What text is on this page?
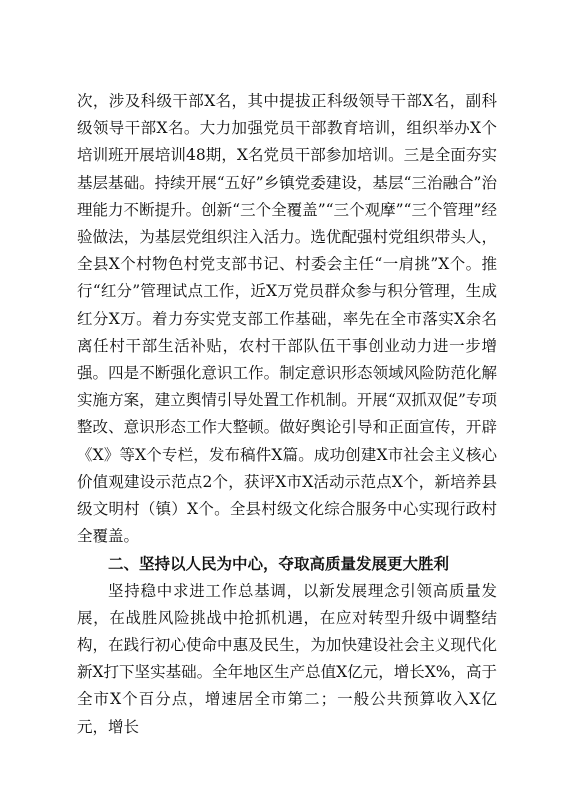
次，涉及科级干部X名，其中提拔正科级领导干部X名，副科级领导干部X名。大力加强党员干部教育培训，组织举办X个培训班开展培训48期，X名党员干部参加培训。三是全面夯实基层基础。持续开展“五好”乡镇党委建设，基层“三治融合”治理能力不断提升。创新“三个全覆盖”“三个观摩”“三个管理”经验做法，为基层党组织注入活力。选优配强村党组织带头人，全县X个村物色村党支部书记、村委会主任“一肩挑”X个。推行“红分”管理试点工作，近X万党员群众参与积分管理，生成红分X万。着力夯实党支部工作基础，率先在全市落实X余名离任村干部生活补贴，农村干部队伍干事创业动力进一步增强。四是不断强化意识工作。制定意识形态领域风险防范化解实施方案，建立舆情引导处置工作机制。开展“双抓双促”专项整改、意识形态工作大整顿。做好舆论引导和正面宣传，开辟《X》等X个专栏，发布稿件X篇。成功创建X市社会主义核心价值观建设示范点2个，获评X市X活动示范点X个，新培养县级文明村（镇）X个。全县村级文化综合服务中心实现行政村全覆盖。

二、坚持以人民为中心，夺取高质量发展更大胜利

坚持稳中求进工作总基调，以新发展理念引领高质量发展，在战胜风险挑战中抢抓机遇，在应对转型升级中调整结构，在践行初心使命中惠及民生，为加快建设社会主义现代化新X打下坚实基础。全年地区生产总值X亿元，增长X%，高于全市X个百分点，增速居全市第二；一般公共预算收入X亿元，增长
